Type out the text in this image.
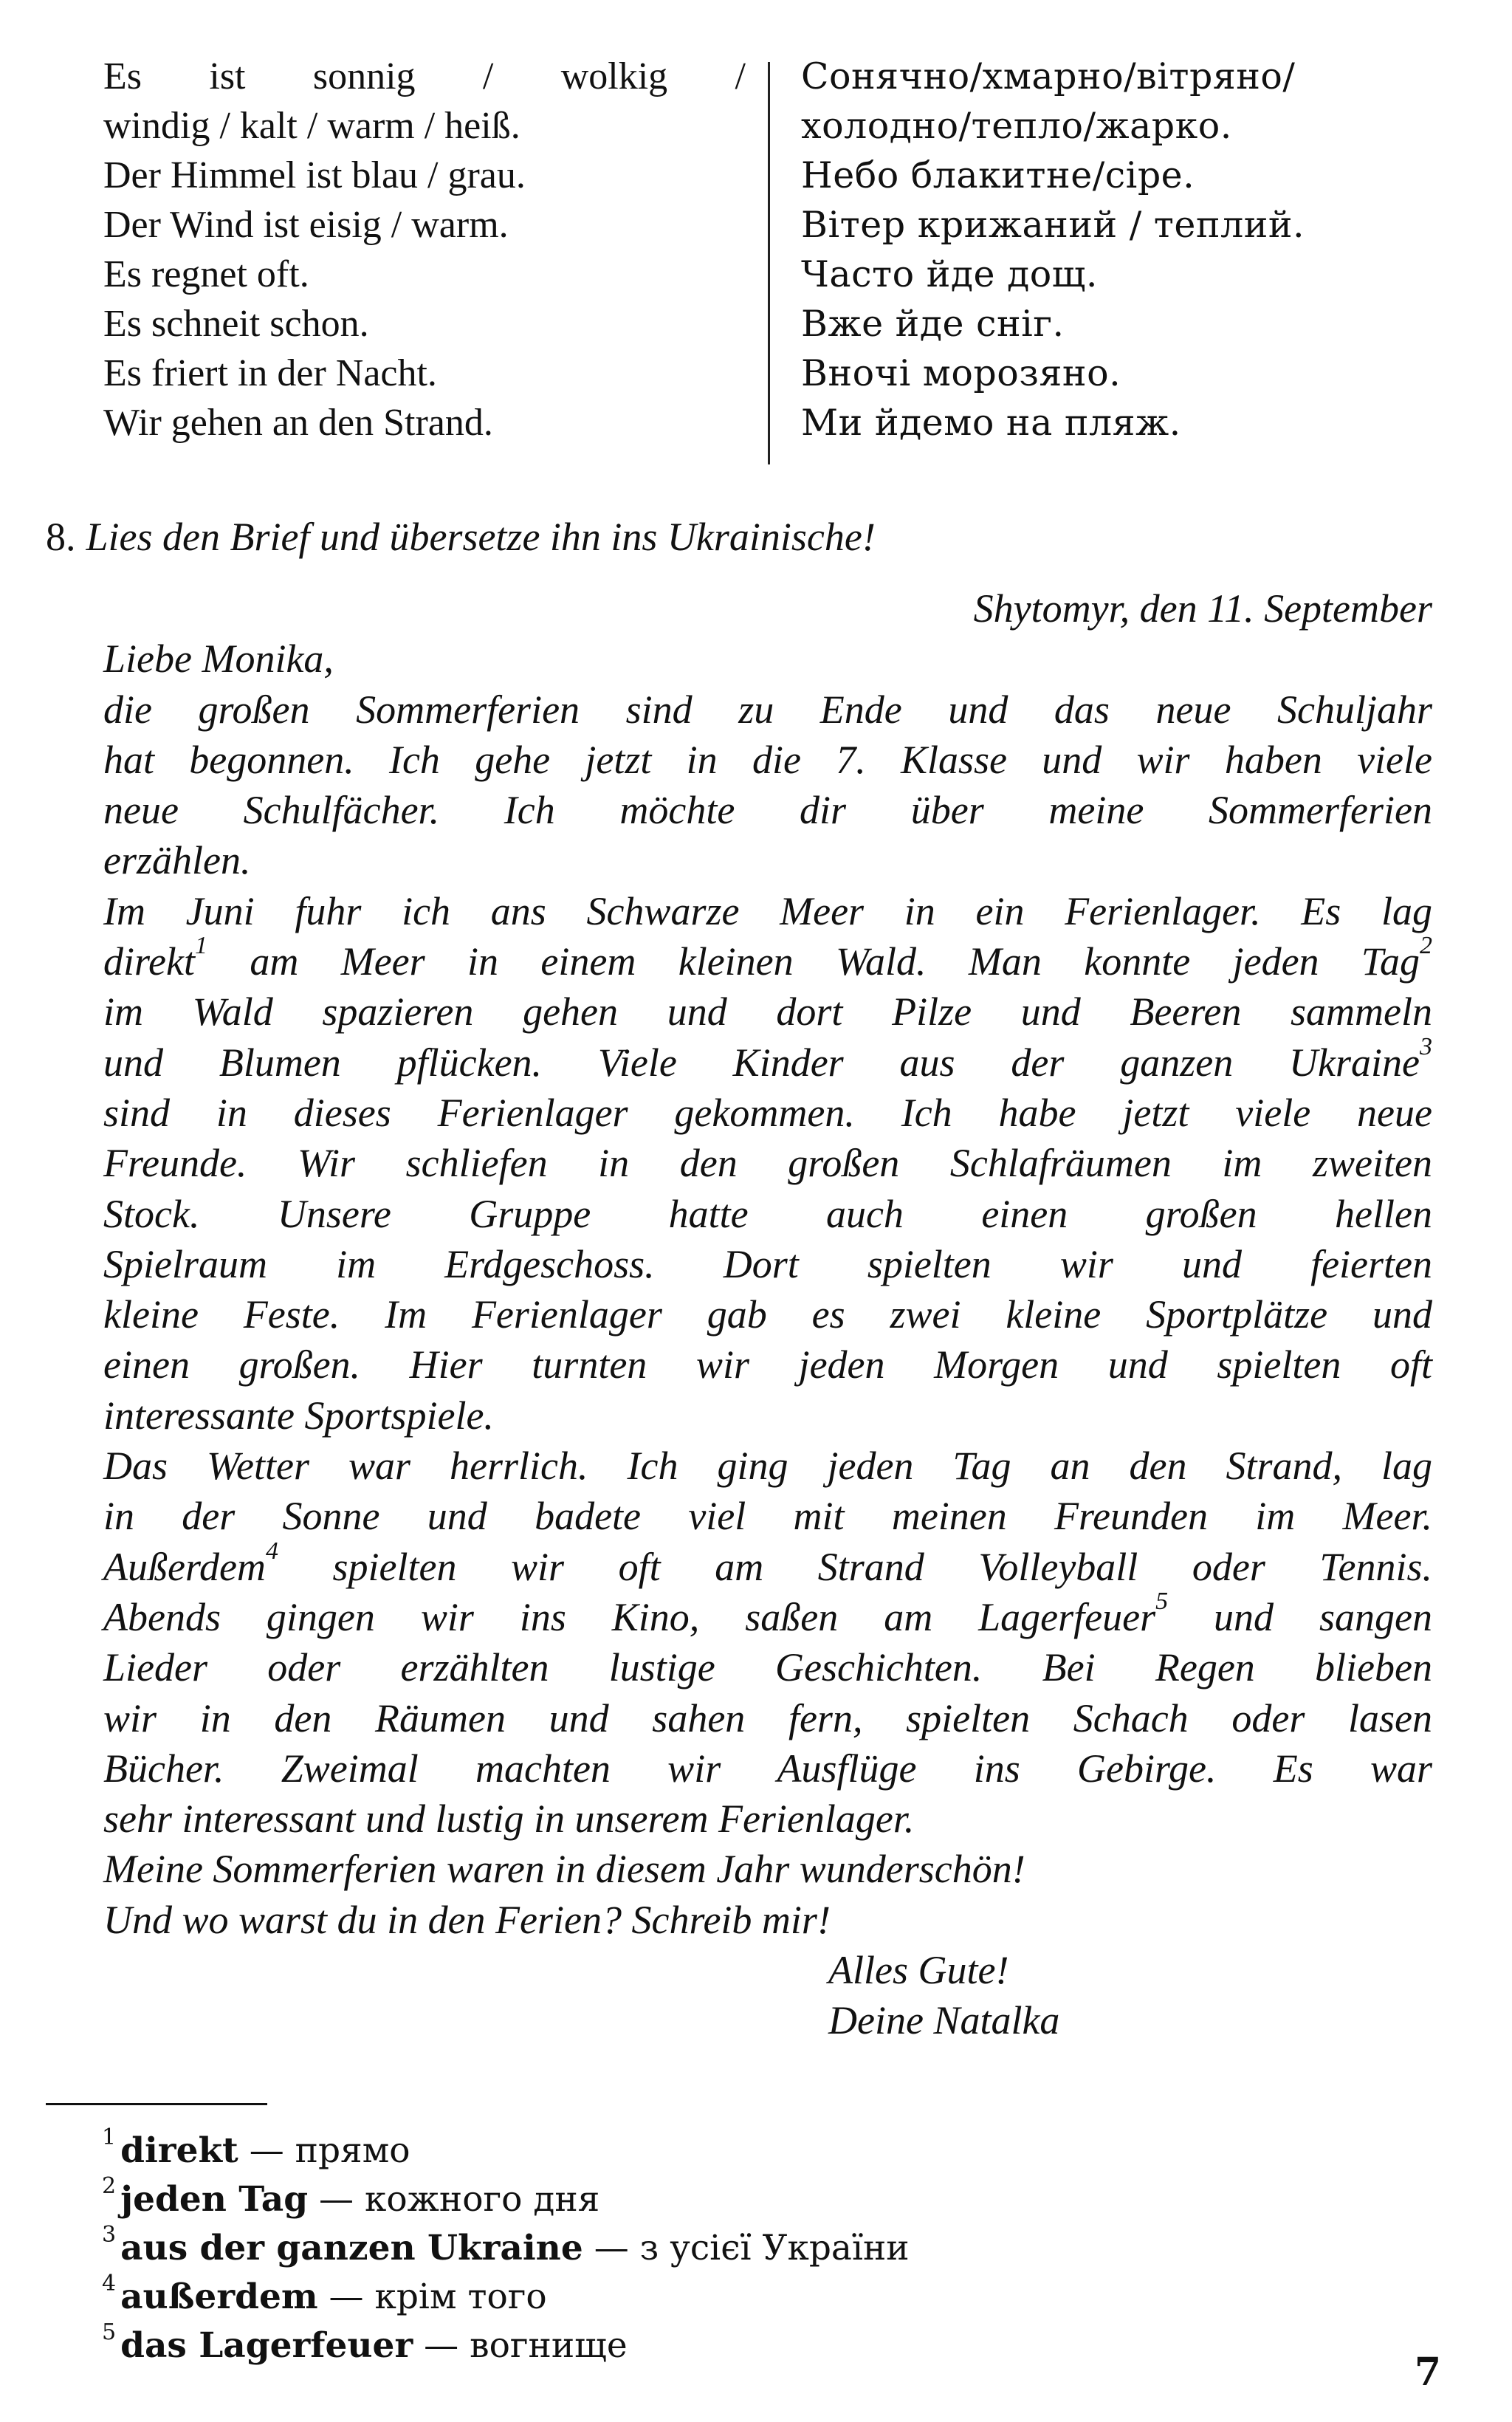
Es ist sonnig / wolkig /

windig / kalt / warm / heiß.

Der Himmel ist blau / grau.

Der Wind ist eisig / warm.

Es regnet oft.

Es schneit schon.

Es friert in der Nacht.

Wir gehen an den Strand.

Сонячно/хмарно/вітряно/

холодно/тепло/жарко.

Небо блакитне/сіре.

Вітер крижаний / теплий.

Часто йде дощ.

Вже йде сніг.

Вночі морозяно.

Ми йдемо на пляж.

8. Lies den Brief und übersetze ihn ins Ukrainische!

Shytomyr, den 11. September

Liebe Monika,

die großen Sommerferien sind zu Ende und das neue Schuljahr

hat begonnen. Ich gehe jetzt in die 7. Klasse und wir haben viele

neue Schulfächer. Ich möchte dir über meine Sommerferien

erzählen.

Im Juni fuhr ich ans Schwarze Meer in ein Ferienlager. Es lag

direkt$^1$ am Meer in einem kleinen Wald. Man konnte jeden Tag$^2$

im Wald spazieren gehen und dort Pilze und Beeren sammeln

und Blumen pflücken. Viele Kinder aus der ganzen Ukraine$^3$

sind in dieses Ferienlager gekommen. Ich habe jetzt viele neue

Freunde. Wir schliefen in den großen Schlafräumen im zweiten

Stock. Unsere Gruppe hatte auch einen großen hellen

Spielraum im Erdgeschoss. Dort spielten wir und feierten

kleine Feste. Im Ferienlager gab es zwei kleine Sportplätze und

einen großen. Hier turnten wir jeden Morgen und spielten oft

interessante Sportspiele.

Das Wetter war herrlich. Ich ging jeden Tag an den Strand, lag

in der Sonne und badete viel mit meinen Freunden im Meer.

Außerdem$^4$ spielten wir oft am Strand Volleyball oder Tennis.

Abends gingen wir ins Kino, saßen am Lagerfeuer$^5$ und sangen

Lieder oder erzählten lustige Geschichten. Bei Regen blieben

wir in den Räumen und sahen fern, spielten Schach oder lasen

Bücher. Zweimal machten wir Ausflüge ins Gebirge. Es war

sehr interessant und lustig in unserem Ferienlager.

Meine Sommerferien waren in diesem Jahr wunderschön!

Und wo warst du in den Ferien? Schreib mir!

Alles Gute!

Deine Natalka

$^1$ direkt — прямо
$^2$ jeden Tag — кожного дня
$^3$ aus der ganzen Ukraine — з усієї України
$^4$ außerdem — крім того
$^5$ das Lagerfeuer — вогнище
7
